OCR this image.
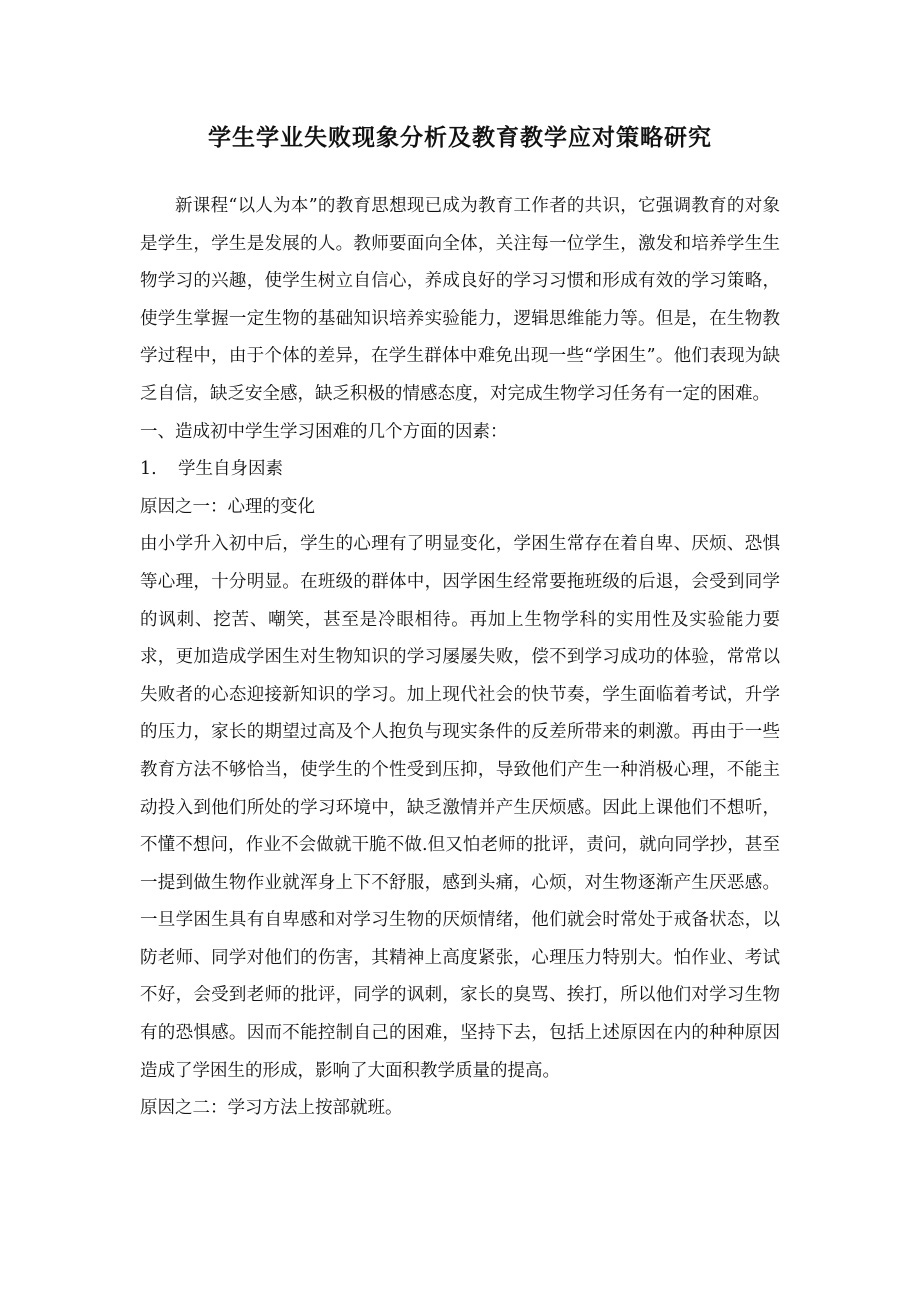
学生学业失败现象分析及教育教学应对策略研究

新课程“以人为本”的教育思想现已成为教育工作者的共识，它强调教育的对象是学生，学生是发展的人。教师要面向全体，关注每一位学生，激发和培养学生生物学习的兴趣，使学生树立自信心，养成良好的学习习惯和形成有效的学习策略，使学生掌握一定生物的基础知识培养实验能力，逻辑思维能力等。但是，在生物教学过程中，由于个体的差异，在学生群体中难免出现一些“学困生”。他们表现为缺乏自信，缺乏安全感，缺乏积极的情感态度，对完成生物学习任务有一定的困难。

一、造成初中学生学习困难的几个方面的因素：

1.	学生自身因素

原因之一：心理的变化

由小学升入初中后，学生的心理有了明显变化，学困生常存在着自卑、厌烦、恐惧等心理，十分明显。在班级的群体中，因学困生经常要拖班级的后退，会受到同学的讽刺、挖苦、嘲笑，甚至是冷眼相待。再加上生物学科的实用性及实验能力要求，更加造成学困生对生物知识的学习屡屡失败，偿不到学习成功的体验，常常以失败者的心态迎接新知识的学习。加上现代社会的快节奏，学生面临着考试，升学的压力，家长的期望过高及个人抱负与现实条件的反差所带来的刺激。再由于一些教育方法不够恰当，使学生的个性受到压抑，导致他们产生一种消极心理，不能主动投入到他们所处的学习环境中，缺乏激情并产生厌烦感。因此上课他们不想听，不懂不想问，作业不会做就干脆不做.但又怕老师的批评，责问，就向同学抄，甚至一提到做生物作业就浑身上下不舒服，感到头痛，心烦，对生物逐渐产生厌恶感。一旦学困生具有自卑感和对学习生物的厌烦情绪，他们就会时常处于戒备状态，以防老师、同学对他们的伤害，其精神上高度紧张，心理压力特别大。怕作业、考试不好，会受到老师的批评，同学的讽刺，家长的臭骂、挨打，所以他们对学习生物有的恐惧感。因而不能控制自己的困难，坚持下去，包括上述原因在内的种种原因造成了学困生的形成，影响了大面积教学质量的提高。

原因之二：学习方法上按部就班。
